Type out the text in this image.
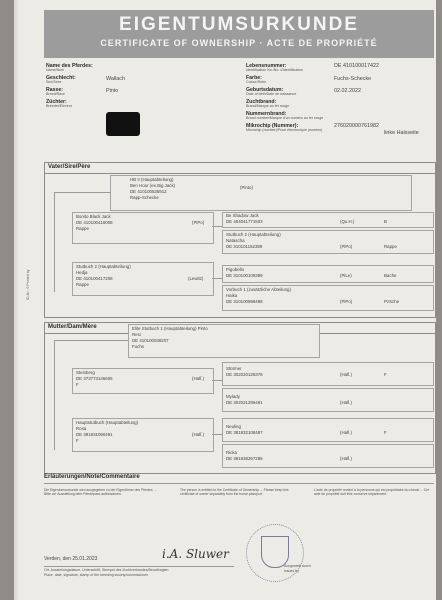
EIGENTUMSURKUNDE
CERTIFICATE OF OWNERSHIP · ACTE DE PROPRIÉTÉ
Name des Pferdes:
Name/Nom
Geschlecht:
Sex/Sexe
Wallach
Rasse:
Breed/Race
Pinto
Züchter:
Breeder/Éleveur
Lebensnummer:
Identification No./No. d'identification
DE 410100017422
Farbe:
Colour/Robe
Fuchs-Schecke
Geburtsdatum:
Date of birth/Date de naissance
02.02.2022
Zuchtbrand:
Brand/Marque au fer rouge
Nummernbrand:
Brand number/Marque d'un numéro au fer rouge
Mikrochip (Nummer):
Microchip (number)/Puce électronique (numéro)
276020000761982
linke Halsseite
Vater/Sire/Père
HB II (Hauptabteilung)
Ben Hour (ex.Big Jack)
DE 410100535912
Rapp-Schecke
(Pinto)
Bonito Black Jack
DE 410100416008
Rappe
(PiPo)
Stutbuch 2 (Hauptabteilung)
Hedja
DE 410100417208
Rappe
(Lewitz)
Be Shadow Jack
DE 404041771503	(Qu.H.)	B
Stutbuch 2 (Hauptabteilung)
Natascha
DE 310101152399	(PiPo)	Rappe
Pigobello
DE 310100109399	(PiLe)	Bache
Vorbuch 1 (zusätzliche Abteilung)
Haika
DE 310100598498	(PiPo)	PzSche
Mutter/Dam/Mère	Elite Stutbuch 1 (Hauptabteilung) Pinto
Resi
DE 410100038207
Fuchs
Steinberg
DE 373773146605
F
(Hafl.)
Hauptstutbuch (Hauptabteilung)
Rosa
DE 381831090491
F
(Hafl.)
Stürmer
DE 302020129378	(Hafl.)	F
Mylady
DE 302021286481	(Hafl.)
Neuling
DE 381832108487	(Hafl.)	F
Ricka
DE 381838267285	(Hafl.)
ID-Nr.: 0 Printed by
Erläuterungen/Note/Commentaire
Die Eigentumsurkunde wird ausgegeben zu der Eigentümer des Pferdes ... Bitte vor Ausstellung dem Pferdepass aufbewahren.
The person is entitled to the Certificate of Ownership ... Please keep this certificate of owner separately from the horse passport.
L'acte de propriété revient à la personne qui est propriétaire du cheval ... Cet acte de propriété doit être conservé séparément.
Verden, den 25.01.2023
Ort, Ausstellungsdatum, Unterschrift, Stempel des Zuchtverbandes/Beauftragten
Place, date, signature, stamp of the breeding society/commissioner
i.A. Sluwer
Ausgestellt durch
Issued by
